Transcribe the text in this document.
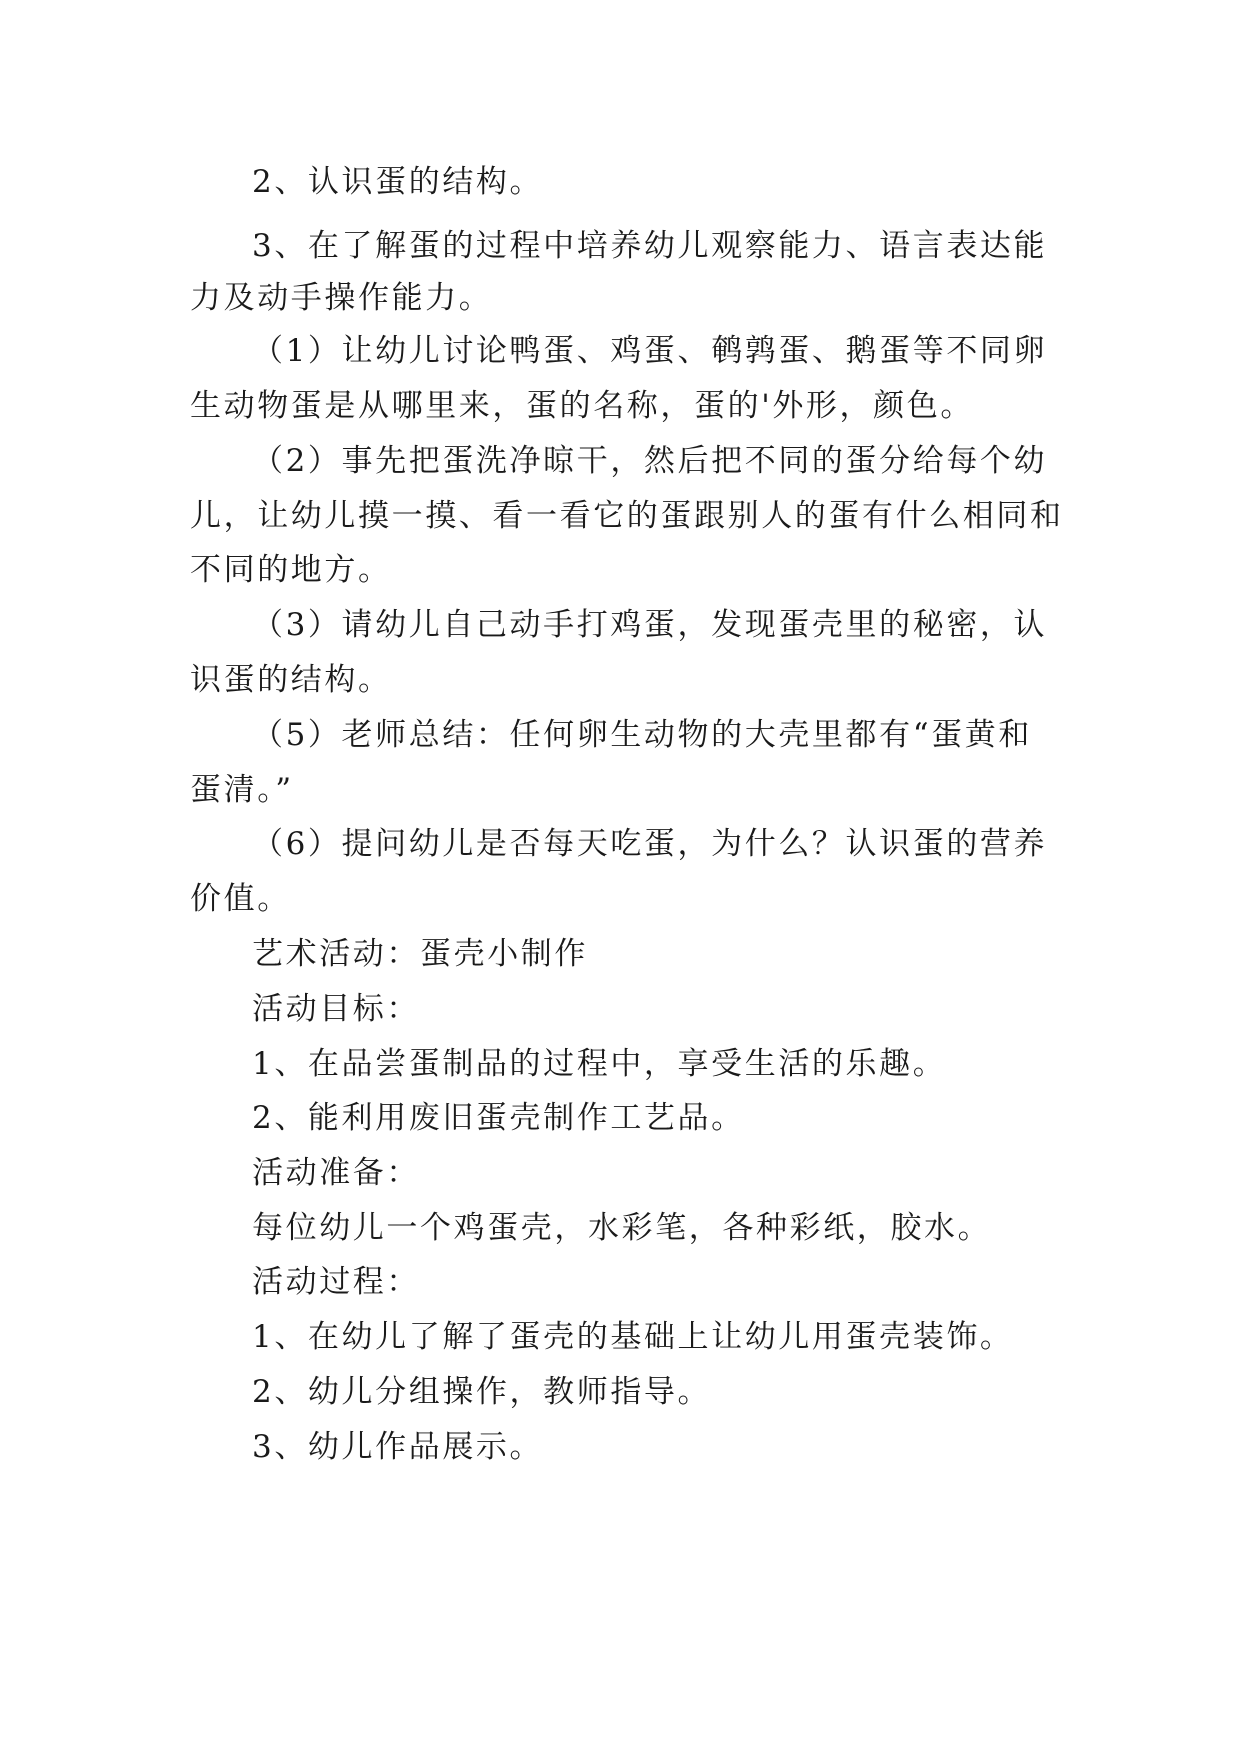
2、认识蛋的结构。
3、在了解蛋的过程中培养幼儿观察能力、语言表达能
力及动手操作能力。
（1）让幼儿讨论鸭蛋、鸡蛋、鹌鹑蛋、鹅蛋等不同卵
生动物蛋是从哪里来，蛋的名称，蛋的'外形，颜色。
（2）事先把蛋洗净晾干，然后把不同的蛋分给每个幼
儿，让幼儿摸一摸、看一看它的蛋跟别人的蛋有什么相同和
不同的地方。
（3）请幼儿自己动手打鸡蛋，发现蛋壳里的秘密，认
识蛋的结构。
（5）老师总结：任何卵生动物的大壳里都有“蛋黄和
蛋清。”
（6）提问幼儿是否每天吃蛋，为什么？认识蛋的营养
价值。
艺术活动：蛋壳小制作
活动目标：
1、在品尝蛋制品的过程中，享受生活的乐趣。
2、能利用废旧蛋壳制作工艺品。
活动准备：
每位幼儿一个鸡蛋壳，水彩笔，各种彩纸，胶水。
活动过程：
1、在幼儿了解了蛋壳的基础上让幼儿用蛋壳装饰。
2、幼儿分组操作，教师指导。
3、幼儿作品展示。
